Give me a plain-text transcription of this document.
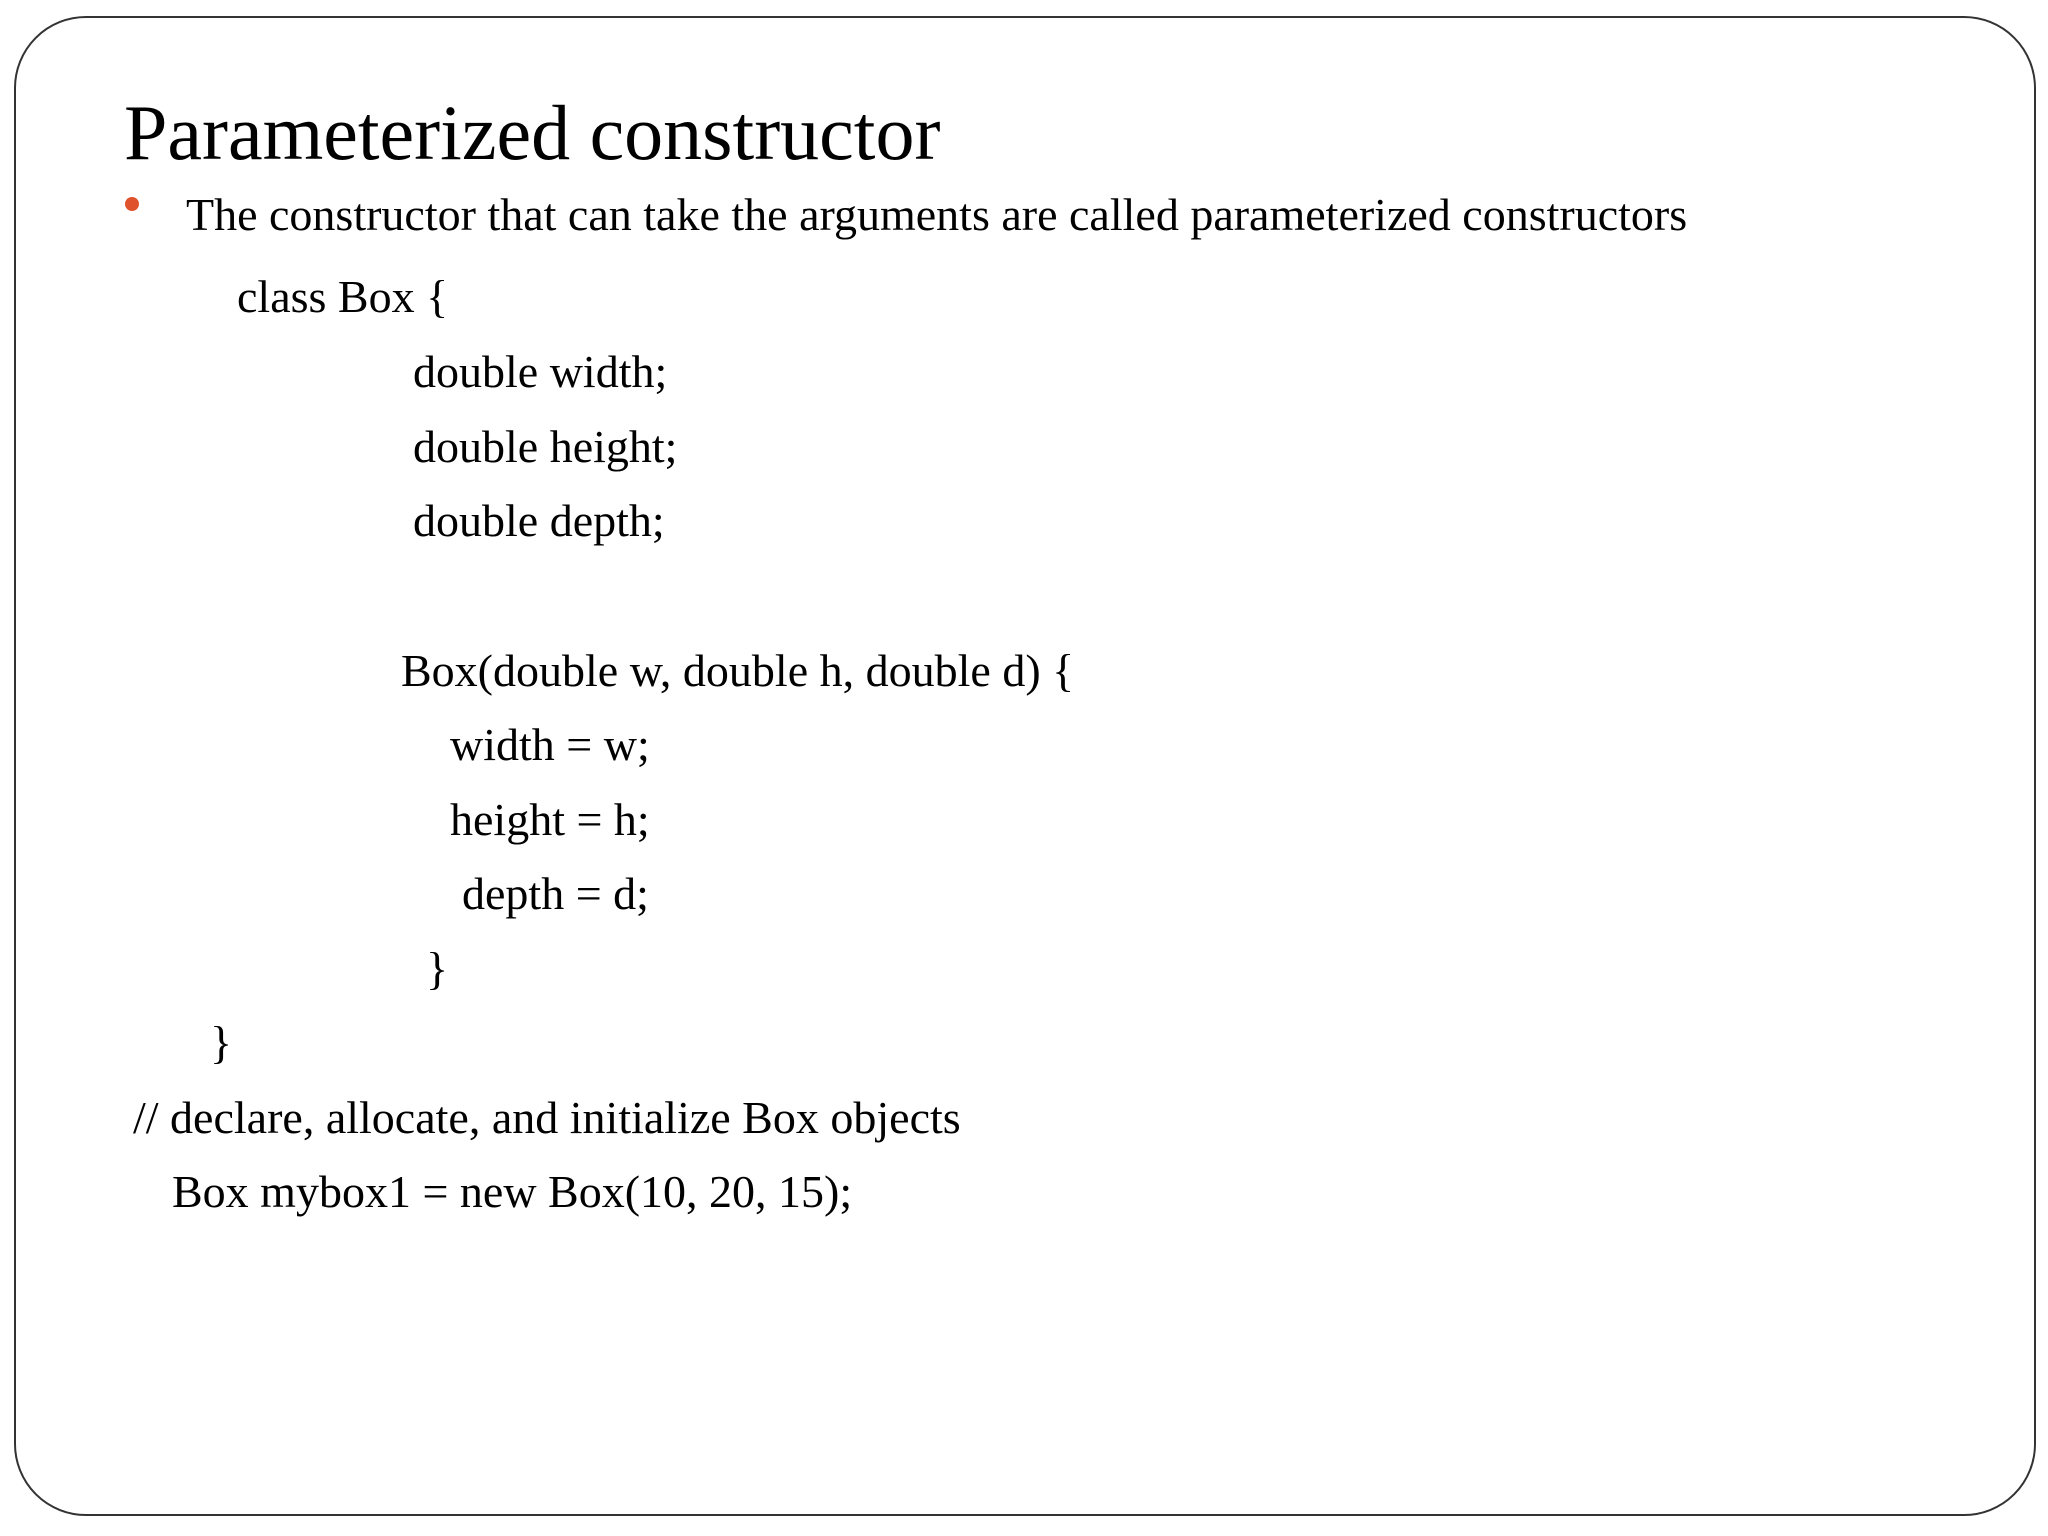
Parameterized constructor
The constructor that can take the arguments are called parameterized constructors
class Box {
double width;
double height;
double depth;
Box(double w, double h, double d) {
width = w;
height = h;
depth = d;
}
}
// declare, allocate, and initialize Box objects
Box mybox1 = new Box(10, 20, 15);
